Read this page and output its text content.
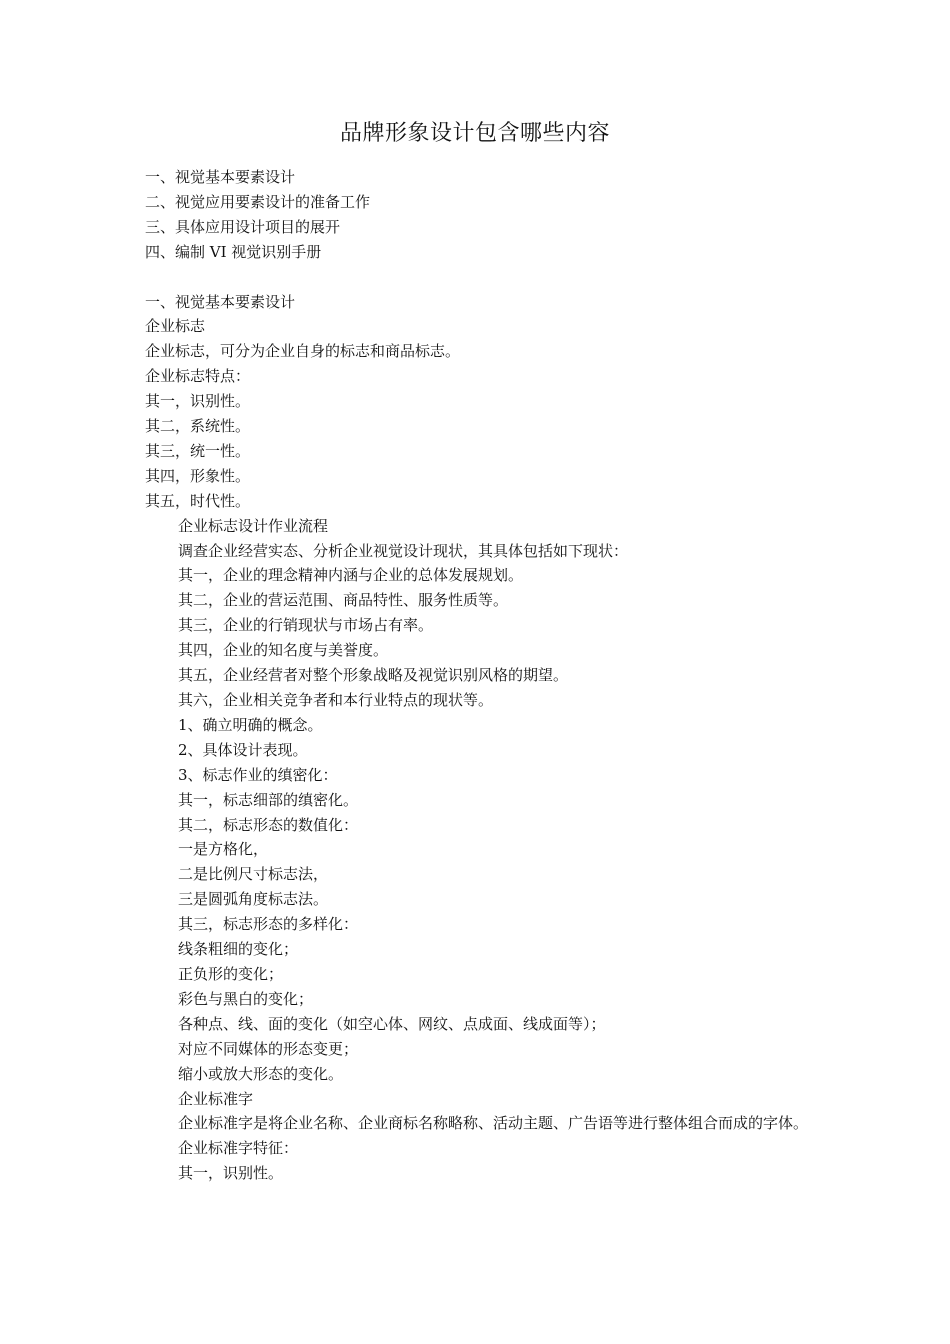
品牌形象设计包含哪些内容

一、视觉基本要素设计

二、视觉应用要素设计的准备工作

三、具体应用设计项目的展开

四、编制 VI 视觉识别手册

一、视觉基本要素设计

企业标志

企业标志，可分为企业自身的标志和商品标志。

企业标志特点：

其一，识别性。

其二，系统性。

其三，统一性。

其四，形象性。

其五，时代性。

企业标志设计作业流程

调查企业经营实态、分析企业视觉设计现状，其具体包括如下现状：

其一，企业的理念精神内涵与企业的总体发展规划。

其二，企业的营运范围、商品特性、服务性质等。

其三，企业的行销现状与市场占有率。

其四，企业的知名度与美誉度。

其五，企业经营者对整个形象战略及视觉识别风格的期望。

其六，企业相关竞争者和本行业特点的现状等。

1、确立明确的概念。

2、具体设计表现。

3、标志作业的缜密化：

其一，标志细部的缜密化。

其二，标志形态的数值化：

一是方格化，

二是比例尺寸标志法，

三是圆弧角度标志法。

其三，标志形态的多样化：

线条粗细的变化；

正负形的变化；

彩色与黑白的变化；

各种点、线、面的变化（如空心体、网纹、点成面、线成面等）；

对应不同媒体的形态变更；

缩小或放大形态的变化。

企业标准字

企业标准字是将企业名称、企业商标名称略称、活动主题、广告语等进行整体组合而成的字体。

企业标准字特征：

其一，识别性。
